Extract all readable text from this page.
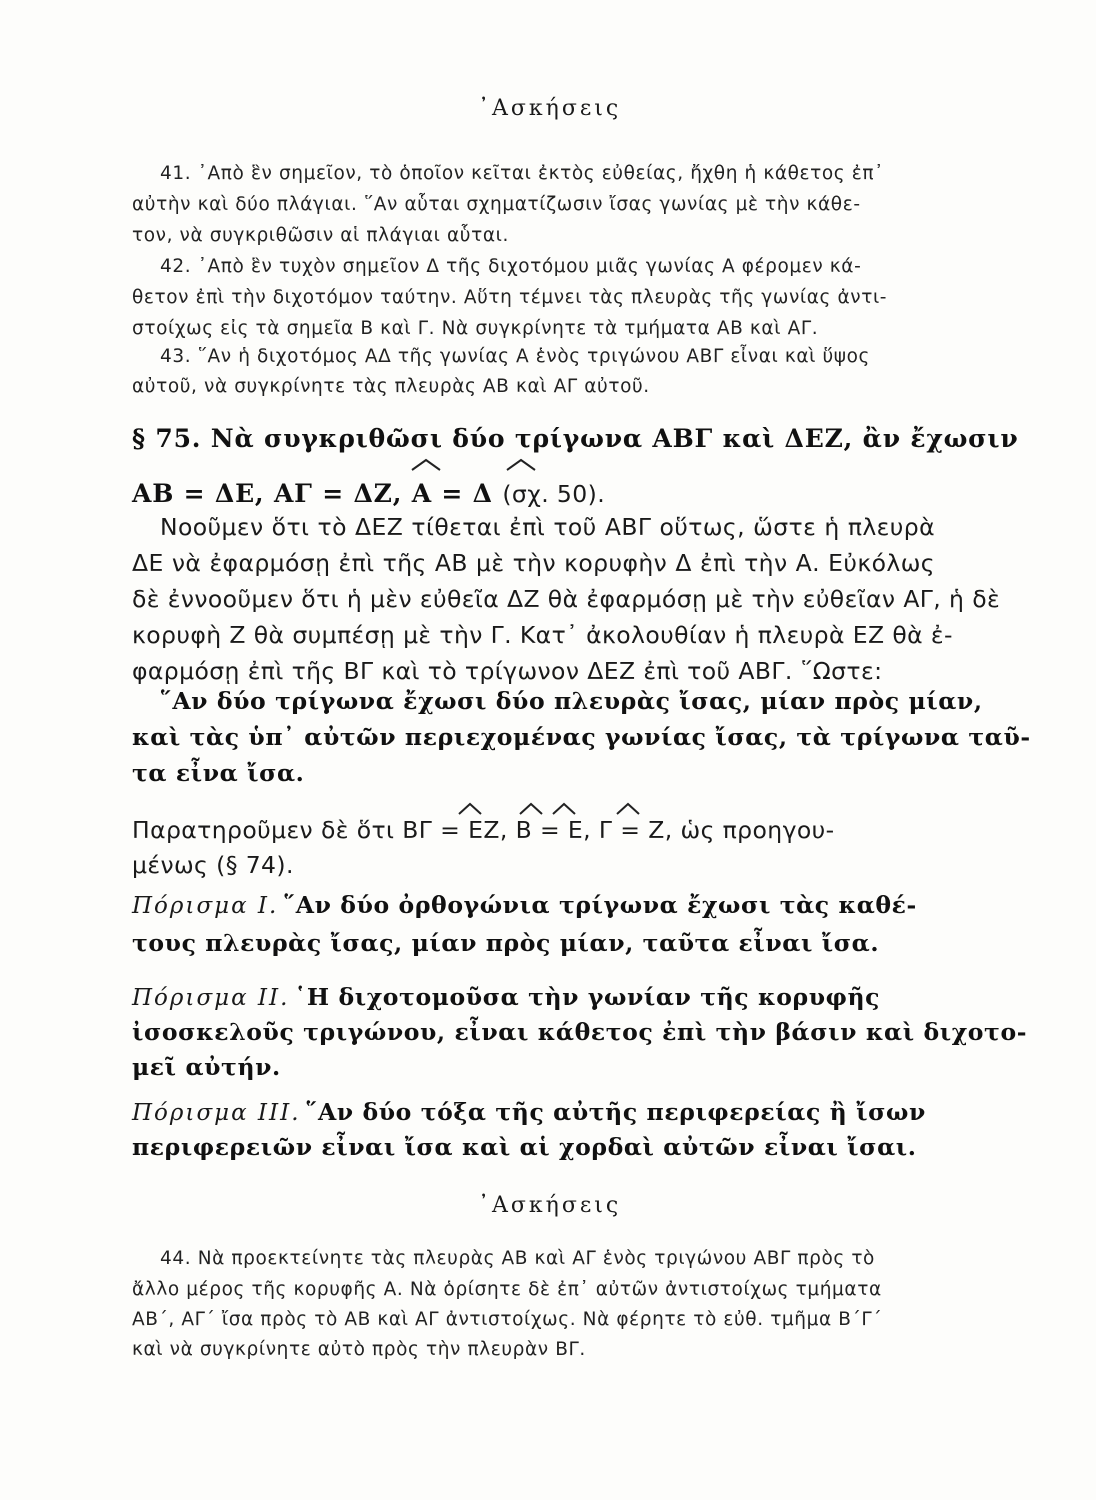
᾿Ασκήσεις
41. ᾿Απὸ ἓν σημεῖον, τὸ ὁποῖον κεῖται ἐκτὸς εὐθείας, ἤχθη ἡ κάθετος ἐπ᾿
αὐτὴν καὶ δύο πλάγιαι. ῞Αν αὗται σχηματίζωσιν ἴσας γωνίας μὲ τὴν κάθε-
τον, νὰ συγκριθῶσιν αἱ πλάγιαι αὗται.
42. ᾿Απὸ ἓν τυχὸν σημεῖον Δ τῆς διχοτόμου μιᾶς γωνίας Α φέρομεν κά-
θετον ἐπὶ τὴν διχοτόμον ταύτην. Αὕτη τέμνει τὰς πλευρὰς τῆς γωνίας ἀντι-
στοίχως εἰς τὰ σημεῖα Β καὶ Γ. Νὰ συγκρίνητε τὰ τμήματα ΑΒ καὶ ΑΓ.
43. ῞Αν ἡ διχοτόμος ΑΔ τῆς γωνίας Α ἑνὸς τριγώνου ΑΒΓ εἶναι καὶ ὕψος
αὐτοῦ, νὰ συγκρίνητε τὰς πλευρὰς ΑΒ καὶ ΑΓ αὐτοῦ.
§ 75. Νὰ συγκριθῶσι δύο τρίγωνα ΑΒΓ καὶ ΔΕΖ, ἂν ἔχωσιν
ΑΒ = ΔΕ, ΑΓ = ΔΖ, Α = Δ (σχ. 50).
Νοοῦμεν ὅτι τὸ ΔΕΖ τίθεται ἐπὶ τοῦ ΑΒΓ οὕτως, ὥστε ἡ πλευρὰ
ΔΕ νὰ ἐφαρμόσῃ ἐπὶ τῆς ΑΒ μὲ τὴν κορυφὴν Δ ἐπὶ τὴν Α. Εὐκόλως
δὲ ἐννοοῦμεν ὅτι ἡ μὲν εὐθεῖα ΔΖ θὰ ἐφαρμόσῃ μὲ τὴν εὐθεῖαν ΑΓ, ἡ δὲ
κορυφὴ Ζ θὰ συμπέσῃ μὲ τὴν Γ. Κατ᾿ ἀκολουθίαν ἡ πλευρὰ ΕΖ θὰ ἐ-
φαρμόσῃ ἐπὶ τῆς ΒΓ καὶ τὸ τρίγωνον ΔΕΖ ἐπὶ τοῦ ΑΒΓ. ῞Ωστε:
῞Αν δύο τρίγωνα ἔχωσι δύο πλευρὰς ἴσας, μίαν πρὸς μίαν,
καὶ τὰς ὑπ᾿ αὐτῶν περιεχομένας γωνίας ἴσας, τὰ τρίγωνα ταῦ-
τα εἶνα ἴσα.
Παρατηροῦμεν δὲ ὅτι ΒΓ = ΕΖ, Β = Ε, Γ = Ζ, ὡς προηγου-
μένως (§ 74).
Πόρισμα Ι. ῞Αν δύο ὀρθογώνια τρίγωνα ἔχωσι τὰς καθέ-
τους πλευρὰς ἴσας, μίαν πρὸς μίαν, ταῦτα εἶναι ἴσα.
Πόρισμα ΙΙ. ῾Η διχοτομοῦσα τὴν γωνίαν τῆς κορυφῆς
ἰσοσκελοῦς τριγώνου, εἶναι κάθετος ἐπὶ τὴν βάσιν καὶ διχοτο-
μεῖ αὐτήν.
Πόρισμα ΙΙΙ. ῞Αν δύο τόξα τῆς αὐτῆς περιφερείας ἢ ἴσων
περιφερειῶν εἶναι ἴσα καὶ αἱ χορδαὶ αὐτῶν εἶναι ἴσαι.
᾿Ασκήσεις
44. Νὰ προεκτείνητε τὰς πλευρὰς ΑΒ καὶ ΑΓ ἑνὸς τριγώνου ΑΒΓ πρὸς τὸ
ἄλλο μέρος τῆς κορυφῆς Α. Νὰ ὁρίσητε δὲ ἐπ᾿ αὐτῶν ἀντιστοίχως τμήματα
ΑΒ΄, ΑΓ΄ ἴσα πρὸς τὸ ΑΒ καὶ ΑΓ ἀντιστοίχως. Νὰ φέρητε τὸ εὐθ. τμῆμα Β΄Γ΄
καὶ νὰ συγκρίνητε αὐτὸ πρὸς τὴν πλευρὰν ΒΓ.
